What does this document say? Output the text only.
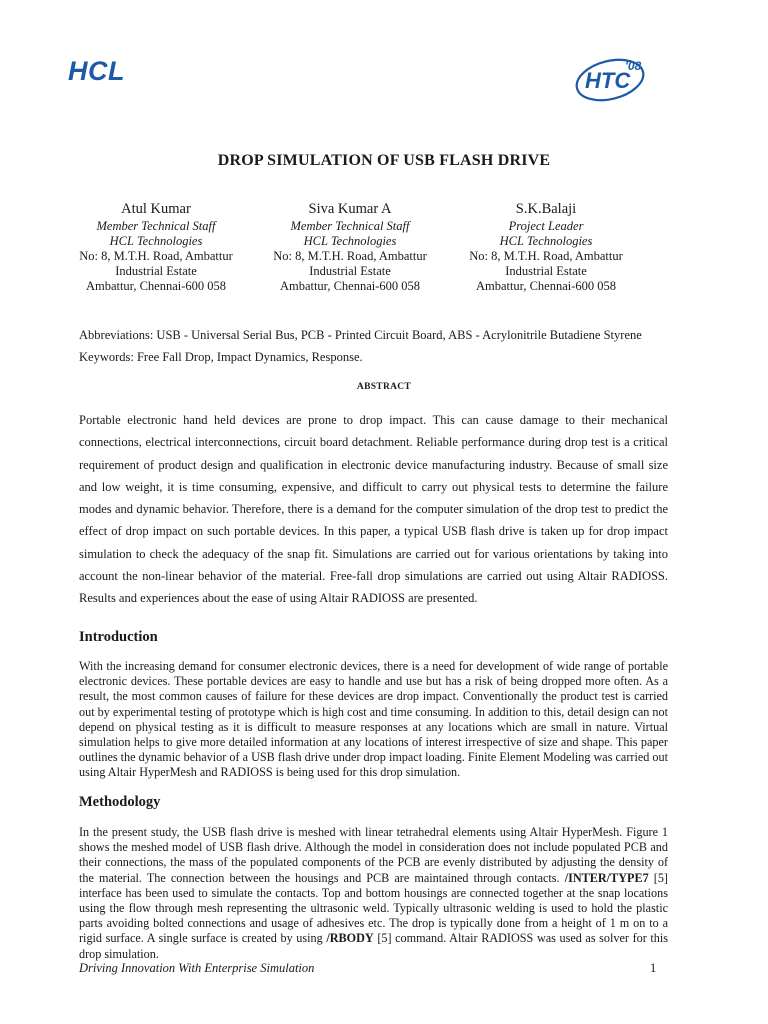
HCL	HTC
'08
DROP SIMULATION OF USB FLASH DRIVE
Atul Kumar
Member Technical Staff
HCL Technologies
No: 8, M.T.H. Road, Ambattur
Industrial Estate
Ambattur, Chennai-600 058
Siva Kumar A
Member Technical Staff
HCL Technologies
No: 8, M.T.H. Road, Ambattur
Industrial Estate
Ambattur, Chennai-600 058
S.K.Balaji
Project Leader
HCL Technologies
No: 8, M.T.H. Road, Ambattur
Industrial Estate
Ambattur, Chennai-600 058
Abbreviations: USB - Universal Serial Bus, PCB - Printed Circuit Board, ABS - Acrylonitrile Butadiene Styrene
Keywords: Free Fall Drop, Impact Dynamics, Response.
ABSTRACT

Portable electronic hand held devices are prone to drop impact. This can cause damage to their mechanical connections, electrical interconnections, circuit board detachment. Reliable performance during drop test is a critical requirement of product design and qualification in electronic device manufacturing industry. Because of small size and low weight, it is time consuming, expensive, and difficult to carry out physical tests to determine the failure modes and dynamic behavior. Therefore, there is a demand for the computer simulation of the drop test to predict the effect of drop impact on such portable devices. In this paper, a typical USB flash drive is taken up for drop impact simulation to check the adequacy of the snap fit. Simulations are carried out for various orientations by taking into account the non-linear behavior of the material. Free-fall drop simulations are carried out using Altair RADIOSS. Results and experiences about the ease of using Altair RADIOSS are presented.

Introduction

With the increasing demand for consumer electronic devices, there is a need for development of wide range of portable electronic devices. These portable devices are easy to handle and use but has a risk of being dropped more often. As a result, the most common causes of failure for these devices are drop impact. Conventionally the product test is carried out by experimental testing of prototype which is high cost and time consuming. In addition to this, detail design can not depend on physical testing as it is difficult to measure responses at any locations which are small in nature. Virtual simulation helps to give more detailed information at any locations of interest irrespective of size and shape. This paper outlines the dynamic behavior of a USB flash drive under drop impact loading. Finite Element Modeling was carried out using Altair HyperMesh and RADIOSS is being used for this drop simulation.

Methodology

In the present study, the USB flash drive is meshed with linear tetrahedral elements using Altair HyperMesh. Figure 1 shows the meshed model of USB flash drive. Although the model in consideration does not include populated PCB and their connections, the mass of the populated components of the PCB are evenly distributed by adjusting the density of the material. The connection between the housings and PCB are maintained through contacts. /INTER/TYPE7 [5] interface has been used to simulate the contacts. Top and bottom housings are connected together at the snap locations using the flow through mesh representing the ultrasonic weld. Typically ultrasonic welding is used to hold the plastic parts avoiding bolted connections and usage of adhesives etc. The drop is typically done from a height of 1 m on to a rigid surface. A single surface is created by using /RBODY [5] command. Altair RADIOSS was used as solver for this drop simulation.

Driving Innovation With Enterprise Simulation	1
